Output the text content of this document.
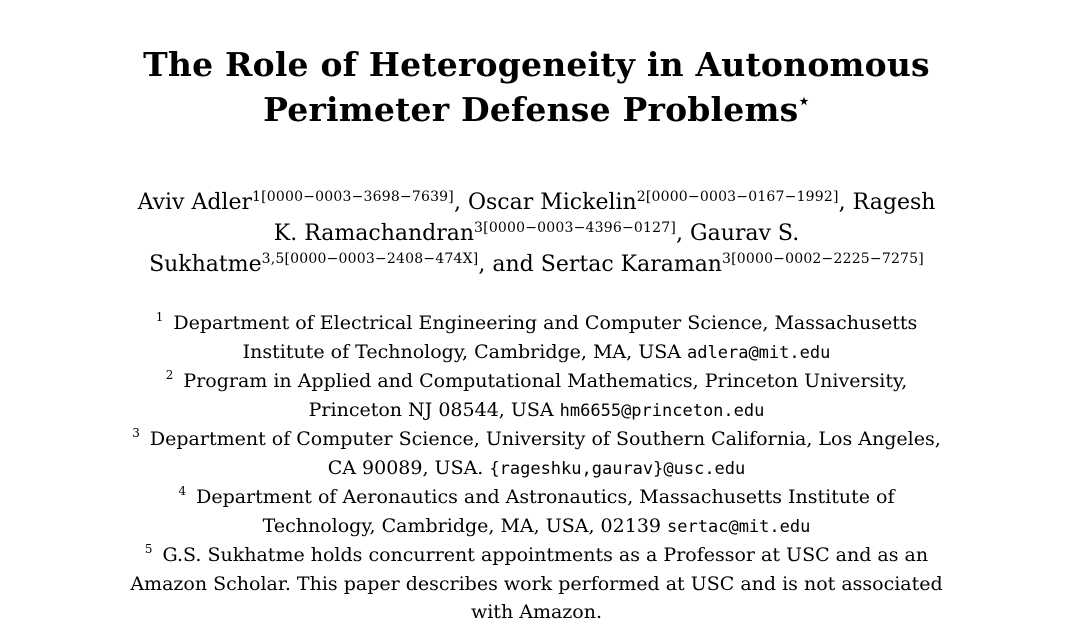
The Role of Heterogeneity in Autonomous
Perimeter Defense Problems⋆
Aviv Adler$^{1[0000-0003-3698-7639]}$, Oscar Mickelin$^{2[0000-0003-0167-1992]}$, Ragesh
K. Ramachandran$^{3[0000-0003-4396-0127]}$, Gaurav S.
Sukhatme$^{3,5[0000-0003-2408-474X]}$, and Sertac Karaman$^{3[0000-0002-2225-7275]}$
$^1$ Department of Electrical Engineering and Computer Science, Massachusetts
Institute of Technology, Cambridge, MA, USA adlera@mit.edu
$^2$ Program in Applied and Computational Mathematics, Princeton University,
Princeton NJ 08544, USA hm6655@princeton.edu
$^3$ Department of Computer Science, University of Southern California, Los Angeles,
CA 90089, USA. {rageshku,gaurav}@usc.edu
$^4$ Department of Aeronautics and Astronautics, Massachusetts Institute of
Technology, Cambridge, MA, USA, 02139 sertac@mit.edu
$^5$ G.S. Sukhatme holds concurrent appointments as a Professor at USC and as an
Amazon Scholar. This paper describes work performed at USC and is not associated
with Amazon.
